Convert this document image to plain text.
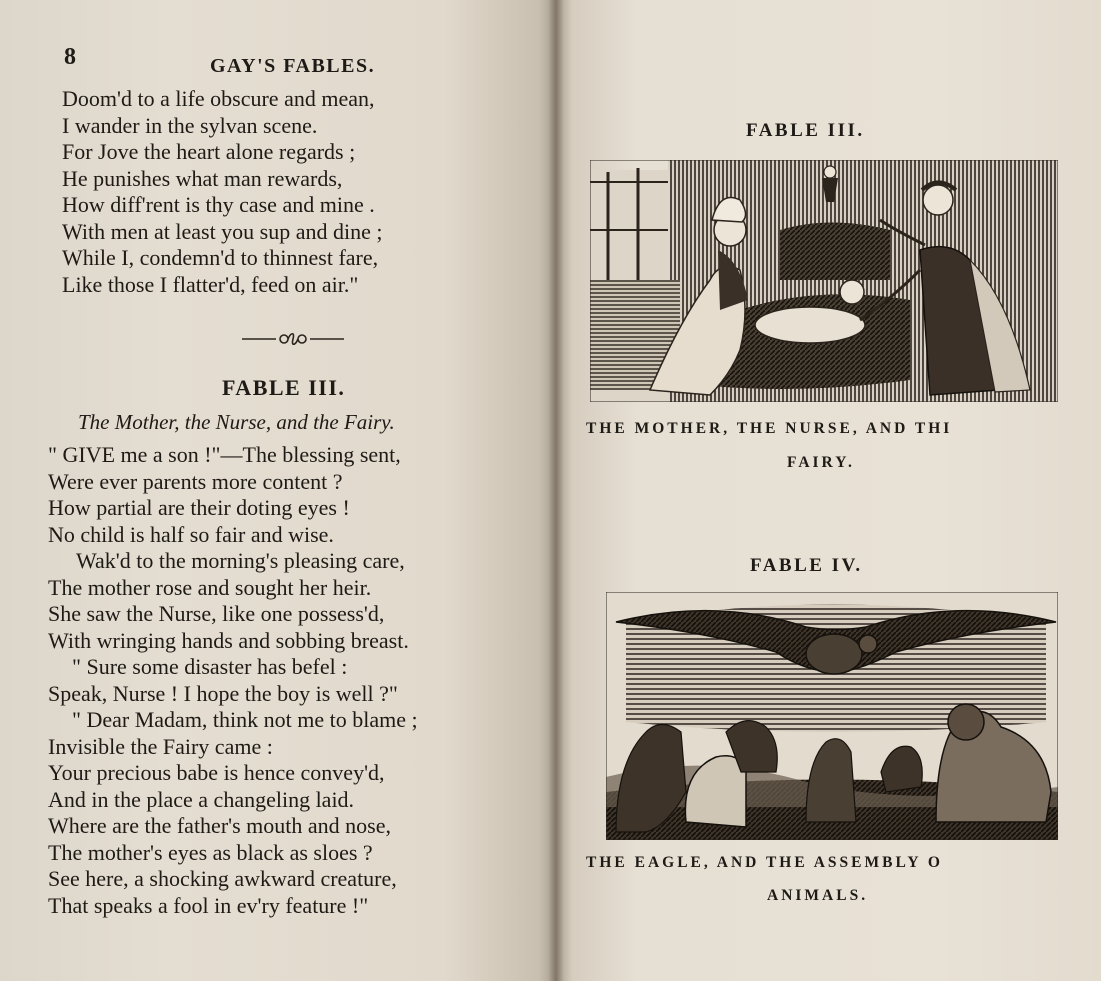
8	GAY'S FABLES.
Doom'd to a life obscure and mean,
I wander in the sylvan scene.
For Jove the heart alone regards ;
He punishes what man rewards,
How diff'rent is thy case and mine .
With men at least you sup and dine ;
While I, condemn'd to thinnest fare,
Like those I flatter'd, feed on air."
FABLE III.
The Mother, the Nurse, and the Fairy.
" GIVE me a son !"—The blessing sent,
Were ever parents more content ?
How partial are their doting eyes !
No child is half so fair and wise.
Wak'd to the morning's pleasing care,
The mother rose and sought her heir.
She saw the Nurse, like one possess'd,
With wringing hands and sobbing breast.
" Sure some disaster has befel :
Speak, Nurse ! I hope the boy is well ?"
" Dear Madam, think not me to blame ;
Invisible the Fairy came :
Your precious babe is hence convey'd,
And in the place a changeling laid.
Where are the father's mouth and nose,
The mother's eyes as black as sloes ?
See here, a shocking awkward creature,
That speaks a fool in ev'ry feature !"
FABLE III.
THE MOTHER, THE NURSE, AND THI
FAIRY.
FABLE IV.
THE EAGLE, AND THE ASSEMBLY O
ANIMALS.
